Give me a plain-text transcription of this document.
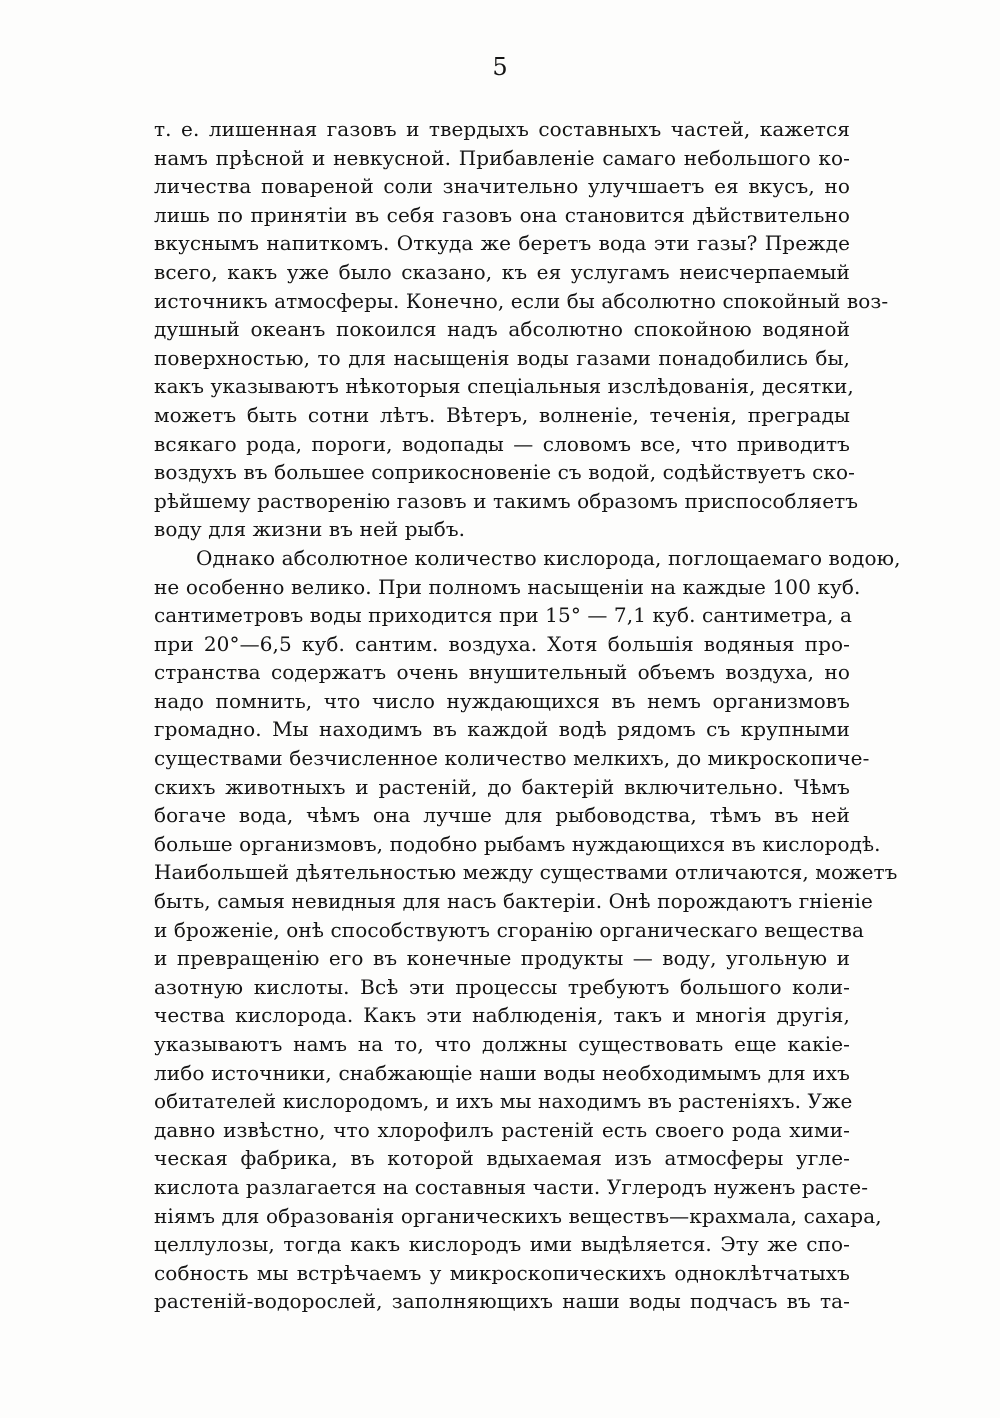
5
т. е. лишенная газовъ и твердыхъ составныхъ частей, кажется
намъ прѣсной и невкусной. Прибавленіе самаго небольшого ко-
личества повареной соли значительно улучшаетъ ея вкусъ, но
лишь по принятіи въ себя газовъ она становится дѣйствительно
вкуснымъ напиткомъ. Откуда же беретъ вода эти газы? Прежде
всего, какъ уже было сказано, къ ея услугамъ неисчерпаемый
источникъ атмосферы. Конечно, если бы абсолютно спокойный воз-
душный океанъ покоился надъ абсолютно спокойною водяной
поверхностью, то для насыщенія воды газами понадобились бы,
какъ указываютъ нѣкоторыя спеціальныя изслѣдованія, десятки,
можетъ быть сотни лѣтъ. Вѣтеръ, волненіе, теченія, преграды
всякаго рода, пороги, водопады — словомъ все, что приводитъ
воздухъ въ большее соприкосновеніе съ водой, содѣйствуетъ ско-
рѣйшему растворенію газовъ и такимъ образомъ приспособляетъ
воду для жизни въ ней рыбъ.
Однако абсолютное количество кислорода, поглощаемаго водою,
не особенно велико. При полномъ насыщеніи на каждые 100 куб.
сантиметровъ воды приходится при 15° — 7,1 куб. сантиметра, а
при 20°—6,5 куб. сантим. воздуха. Хотя большія водяныя про-
странства содержатъ очень внушительный объемъ воздуха, но
надо помнить, что число нуждающихся въ немъ организмовъ
громадно. Мы находимъ въ каждой водѣ рядомъ съ крупными
существами безчисленное количество мелкихъ, до микроскопиче-
скихъ животныхъ и растеній, до бактерій включительно. Чѣмъ
богаче вода, чѣмъ она лучше для рыбоводства, тѣмъ въ ней
больше организмовъ, подобно рыбамъ нуждающихся въ кислородѣ.
Наибольшей дѣятельностью между существами отличаются, можетъ
быть, самыя невидныя для насъ бактеріи. Онѣ порождаютъ гніеніе
и броженіе, онѣ способствуютъ сгоранію органическаго вещества
и превращенію его въ конечные продукты — воду, угольную и
азотную кислоты. Всѣ эти процессы требуютъ большого коли-
чества кислорода. Какъ эти наблюденія, такъ и многія другія,
указываютъ намъ на то, что должны существовать еще какіе-
либо источники, снабжающіе наши воды необходимымъ для ихъ
обитателей кислородомъ, и ихъ мы находимъ въ растеніяхъ. Уже
давно извѣстно, что хлорофилъ растеній есть своего рода хими-
ческая фабрика, въ которой вдыхаемая изъ атмосферы угле-
кислота разлагается на составныя части. Углеродъ нуженъ расте-
ніямъ для образованія органическихъ веществъ—крахмала, сахара,
целлулозы, тогда какъ кислородъ ими выдѣляется. Эту же спо-
собность мы встрѣчаемъ у микроскопическихъ одноклѣтчатыхъ
растеній-водорослей, заполняющихъ наши воды подчасъ въ та-
